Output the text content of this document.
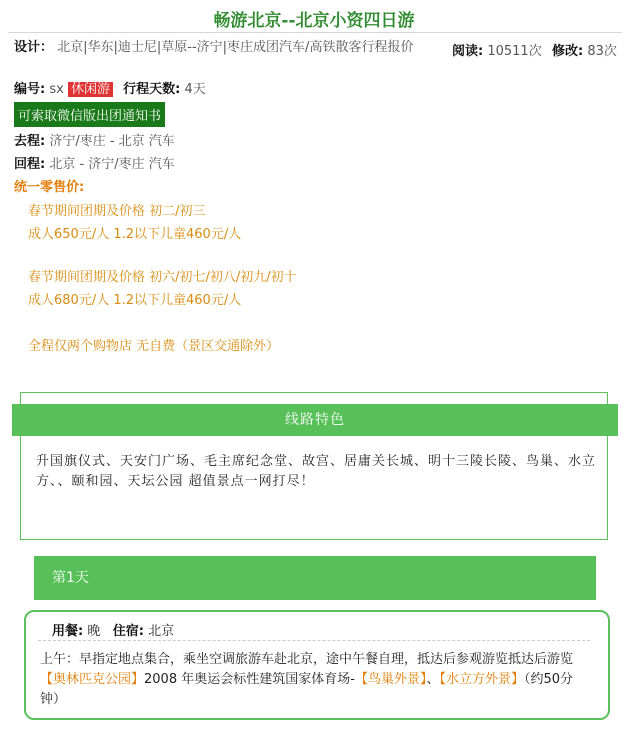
畅游北京--北京小资四日游
设计： 北京|华东|迪士尼|草原--济宁|枣庄成团汽车/高铁散客行程报价	阅读: 10511次 修改: 83次
编号: sx 休闲游 行程天数: 4天
可索取微信版出团通知书
去程: 济宁/枣庄 - 北京 汽车
回程: 北京 - 济宁/枣庄 汽车
统一零售价:
春节期间团期及价格 初二/初三
成人650元/人 1.2以下儿童460元/人
春节期间团期及价格 初六/初七/初八/初九/初十
成人680元/人 1.2以下儿童460元/人
全程仅两个购物店 无自费（景区交通除外）
线路特色
升国旗仪式、天安门广场、毛主席纪念堂、故宫、居庸关长城、明十三陵长陵、鸟巢、水立方、、颐和园、天坛公园 超值景点一网打尽！
第1天
用餐: 晚 住宿: 北京
上午：早指定地点集合，乘坐空调旅游车赴北京，途中午餐自理，抵达后参观游览抵达后游览【奥林匹克公园】2008 年奥运会标性建筑国家体育场-【鸟巢外景】、【水立方外景】（约50分钟）
